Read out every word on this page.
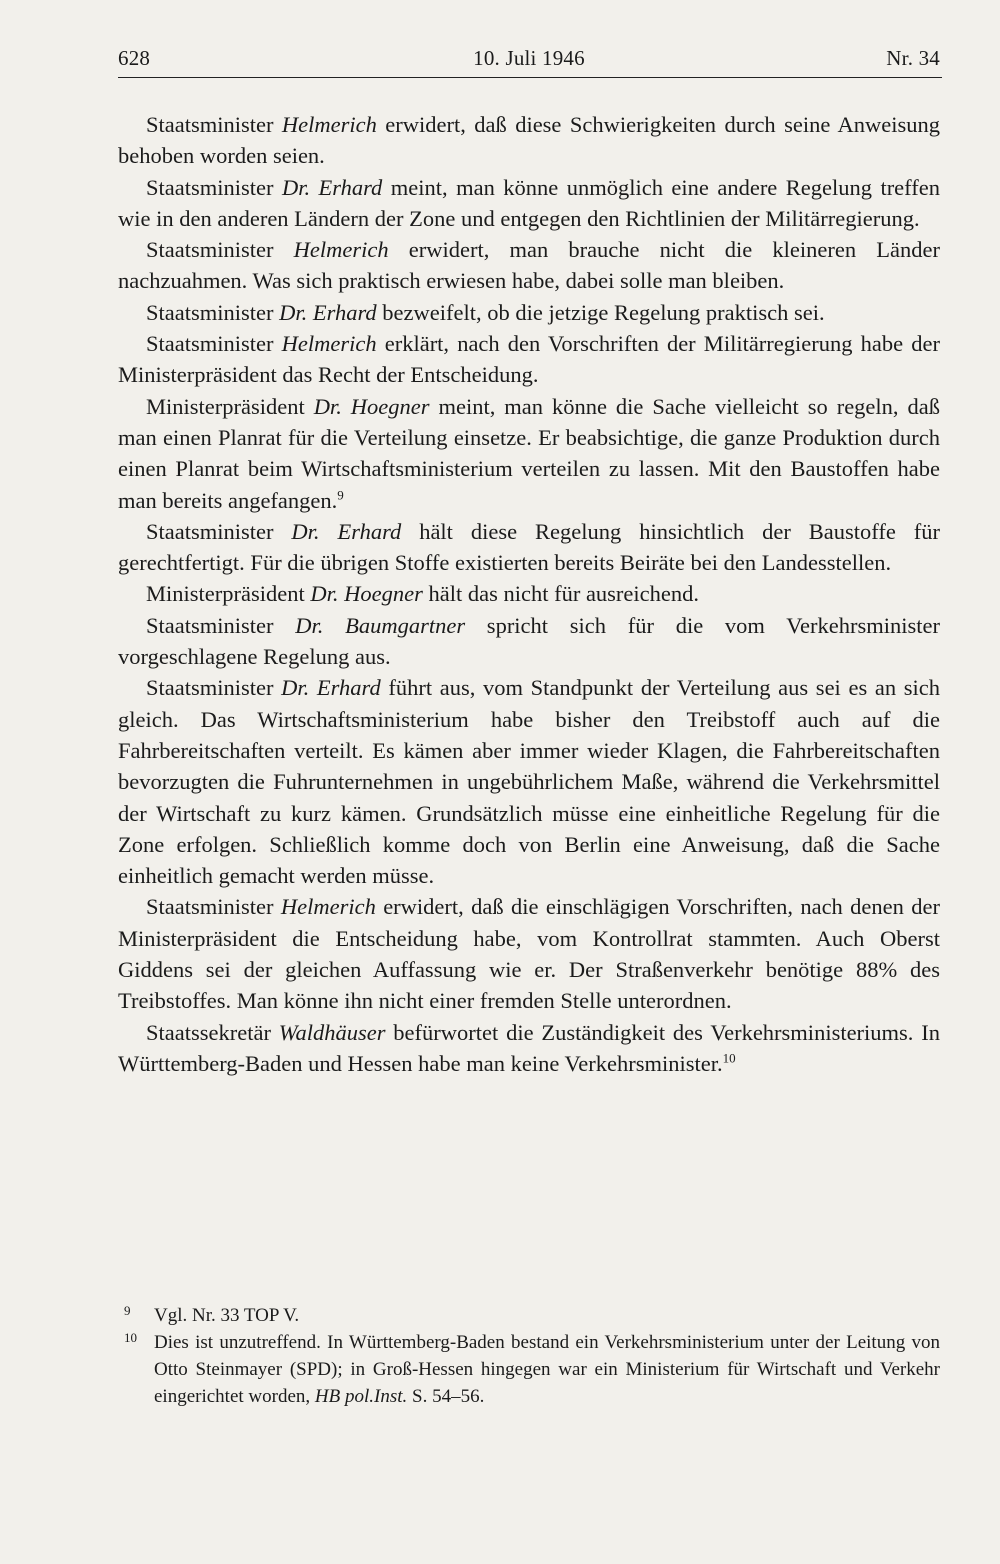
628	10. Juli 1946	Nr. 34

Staatsminister Helmerich erwidert, daß diese Schwierigkeiten durch seine Anweisung behoben worden seien.

Staatsminister Dr. Erhard meint, man könne unmöglich eine andere Regelung treffen wie in den anderen Ländern der Zone und entgegen den Richtlinien der Militärregierung.

Staatsminister Helmerich erwidert, man brauche nicht die kleineren Länder nachzuahmen. Was sich praktisch erwiesen habe, dabei solle man bleiben.

Staatsminister Dr. Erhard bezweifelt, ob die jetzige Regelung praktisch sei.

Staatsminister Helmerich erklärt, nach den Vorschriften der Militärregierung habe der Ministerpräsident das Recht der Entscheidung.

Ministerpräsident Dr. Hoegner meint, man könne die Sache vielleicht so regeln, daß man einen Planrat für die Verteilung einsetze. Er beabsichtige, die ganze Produktion durch einen Planrat beim Wirtschaftsministerium verteilen zu lassen. Mit den Baustoffen habe man bereits angefangen.$^9$

Staatsminister Dr. Erhard hält diese Regelung hinsichtlich der Baustoffe für gerechtfertigt. Für die übrigen Stoffe existierten bereits Beiräte bei den Landesstellen.

Ministerpräsident Dr. Hoegner hält das nicht für ausreichend.

Staatsminister Dr. Baumgartner spricht sich für die vom Verkehrsminister vorgeschlagene Regelung aus.

Staatsminister Dr. Erhard führt aus, vom Standpunkt der Verteilung aus sei es an sich gleich. Das Wirtschaftsministerium habe bisher den Treibstoff auch auf die Fahrbereitschaften verteilt. Es kämen aber immer wieder Klagen, die Fahrbereitschaften bevorzugten die Fuhrunternehmen in ungebührlichem Maße, während die Verkehrsmittel der Wirtschaft zu kurz kämen. Grundsätzlich müsse eine einheitliche Regelung für die Zone erfolgen. Schließlich komme doch von Berlin eine Anweisung, daß die Sache einheitlich gemacht werden müsse.

Staatsminister Helmerich erwidert, daß die einschlägigen Vorschriften, nach denen der Ministerpräsident die Entscheidung habe, vom Kontrollrat stammten. Auch Oberst Giddens sei der gleichen Auffassung wie er. Der Straßenverkehr benötige 88% des Treibstoffes. Man könne ihn nicht einer fremden Stelle unterordnen.

Staatssekretär Waldhäuser befürwortet die Zuständigkeit des Verkehrsministeriums. In Württemberg-Baden und Hessen habe man keine Verkehrsminister.$^{10}$

9 Vgl. Nr. 33 TOP V.

10 Dies ist unzutreffend. In Württemberg-Baden bestand ein Verkehrsministerium unter der Leitung von Otto Steinmayer (SPD); in Groß-Hessen hingegen war ein Ministerium für Wirtschaft und Verkehr eingerichtet worden, HB pol.Inst. S. 54–56.
